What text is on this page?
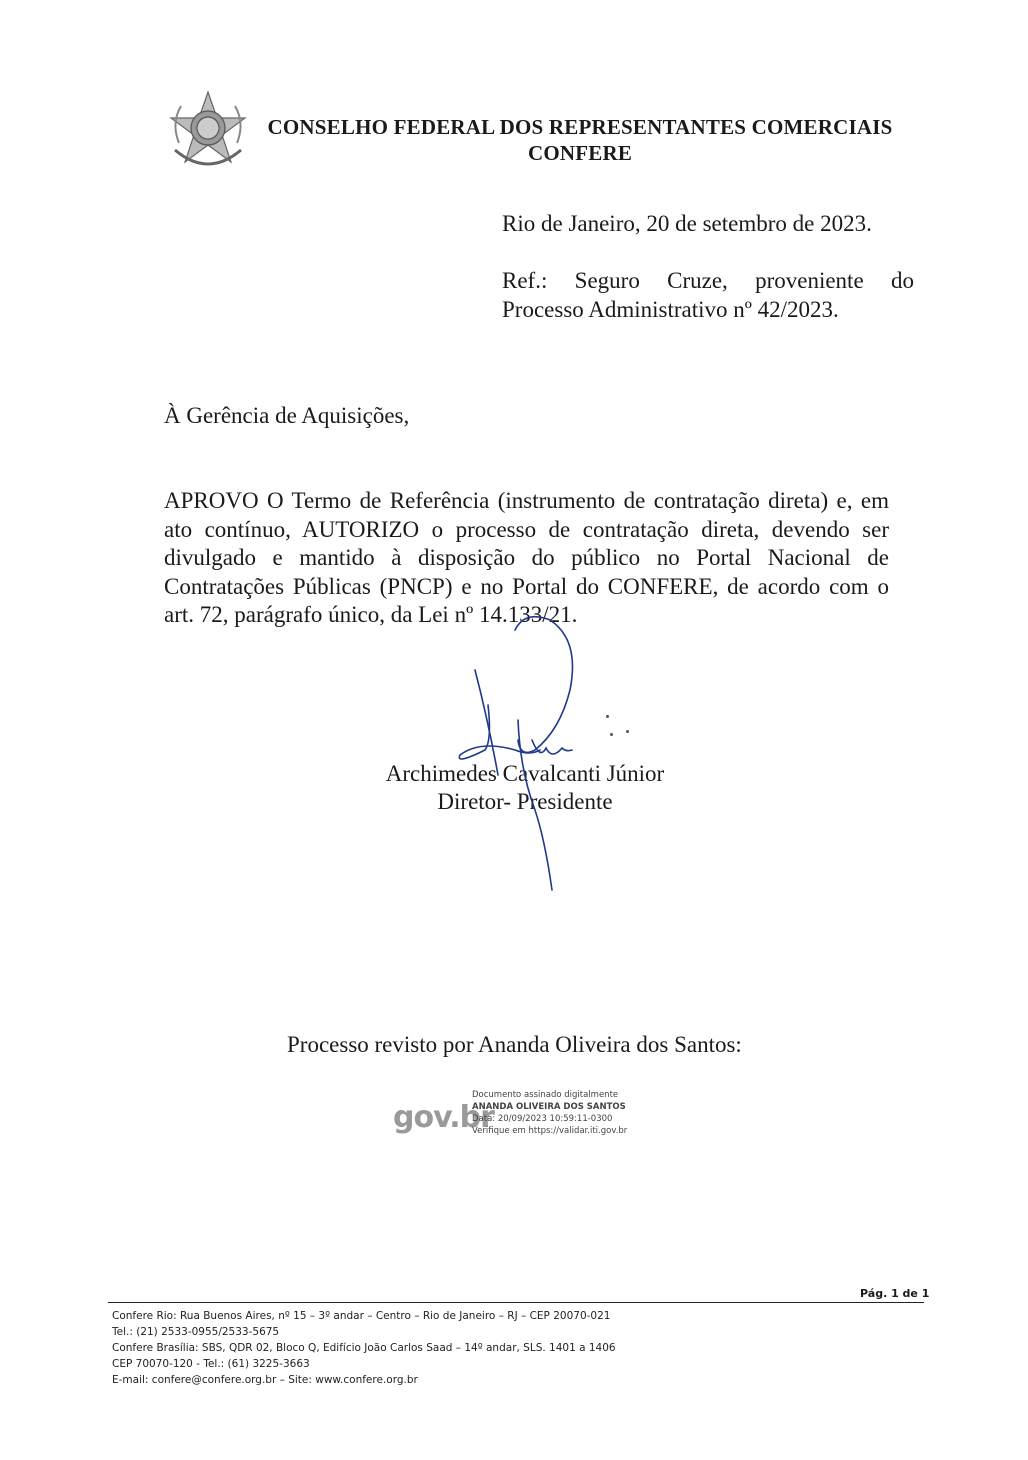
CONSELHO FEDERAL DOS REPRESENTANTES COMERCIAIS
CONFERE
Rio de Janeiro, 20 de setembro de 2023.
Ref.: Seguro Cruze, proveniente do
Processo Administrativo nº 42/2023.
À Gerência de Aquisições,
APROVO O Termo de Referência (instrumento de contratação direta) e, em
ato contínuo, AUTORIZO o processo de contratação direta, devendo ser
divulgado e mantido à disposição do público no Portal Nacional de
Contratações Públicas (PNCP) e no Portal do CONFERE, de acordo com o
art. 72, parágrafo único, da Lei nº 14.133/21.
Archimedes Cavalcanti Júnior
Diretor- Presidente
Processo revisto por Ananda Oliveira dos Santos:
gov.br
Documento assinado digitalmente
ANANDA OLIVEIRA DOS SANTOS
Data: 20/09/2023 10:59:11-0300
Verifique em https://validar.iti.gov.br
Pág. 1 de 1
Confere Rio: Rua Buenos Aires, nº 15 – 3º andar – Centro – Rio de Janeiro – RJ – CEP 20070-021
Tel.: (21) 2533-0955/2533-5675
Confere Brasília: SBS, QDR 02, Bloco Q, Edifício João Carlos Saad – 14º andar, SLS. 1401 a 1406
CEP 70070-120 - Tel.: (61) 3225-3663
E-mail: confere@confere.org.br – Site: www.confere.org.br
